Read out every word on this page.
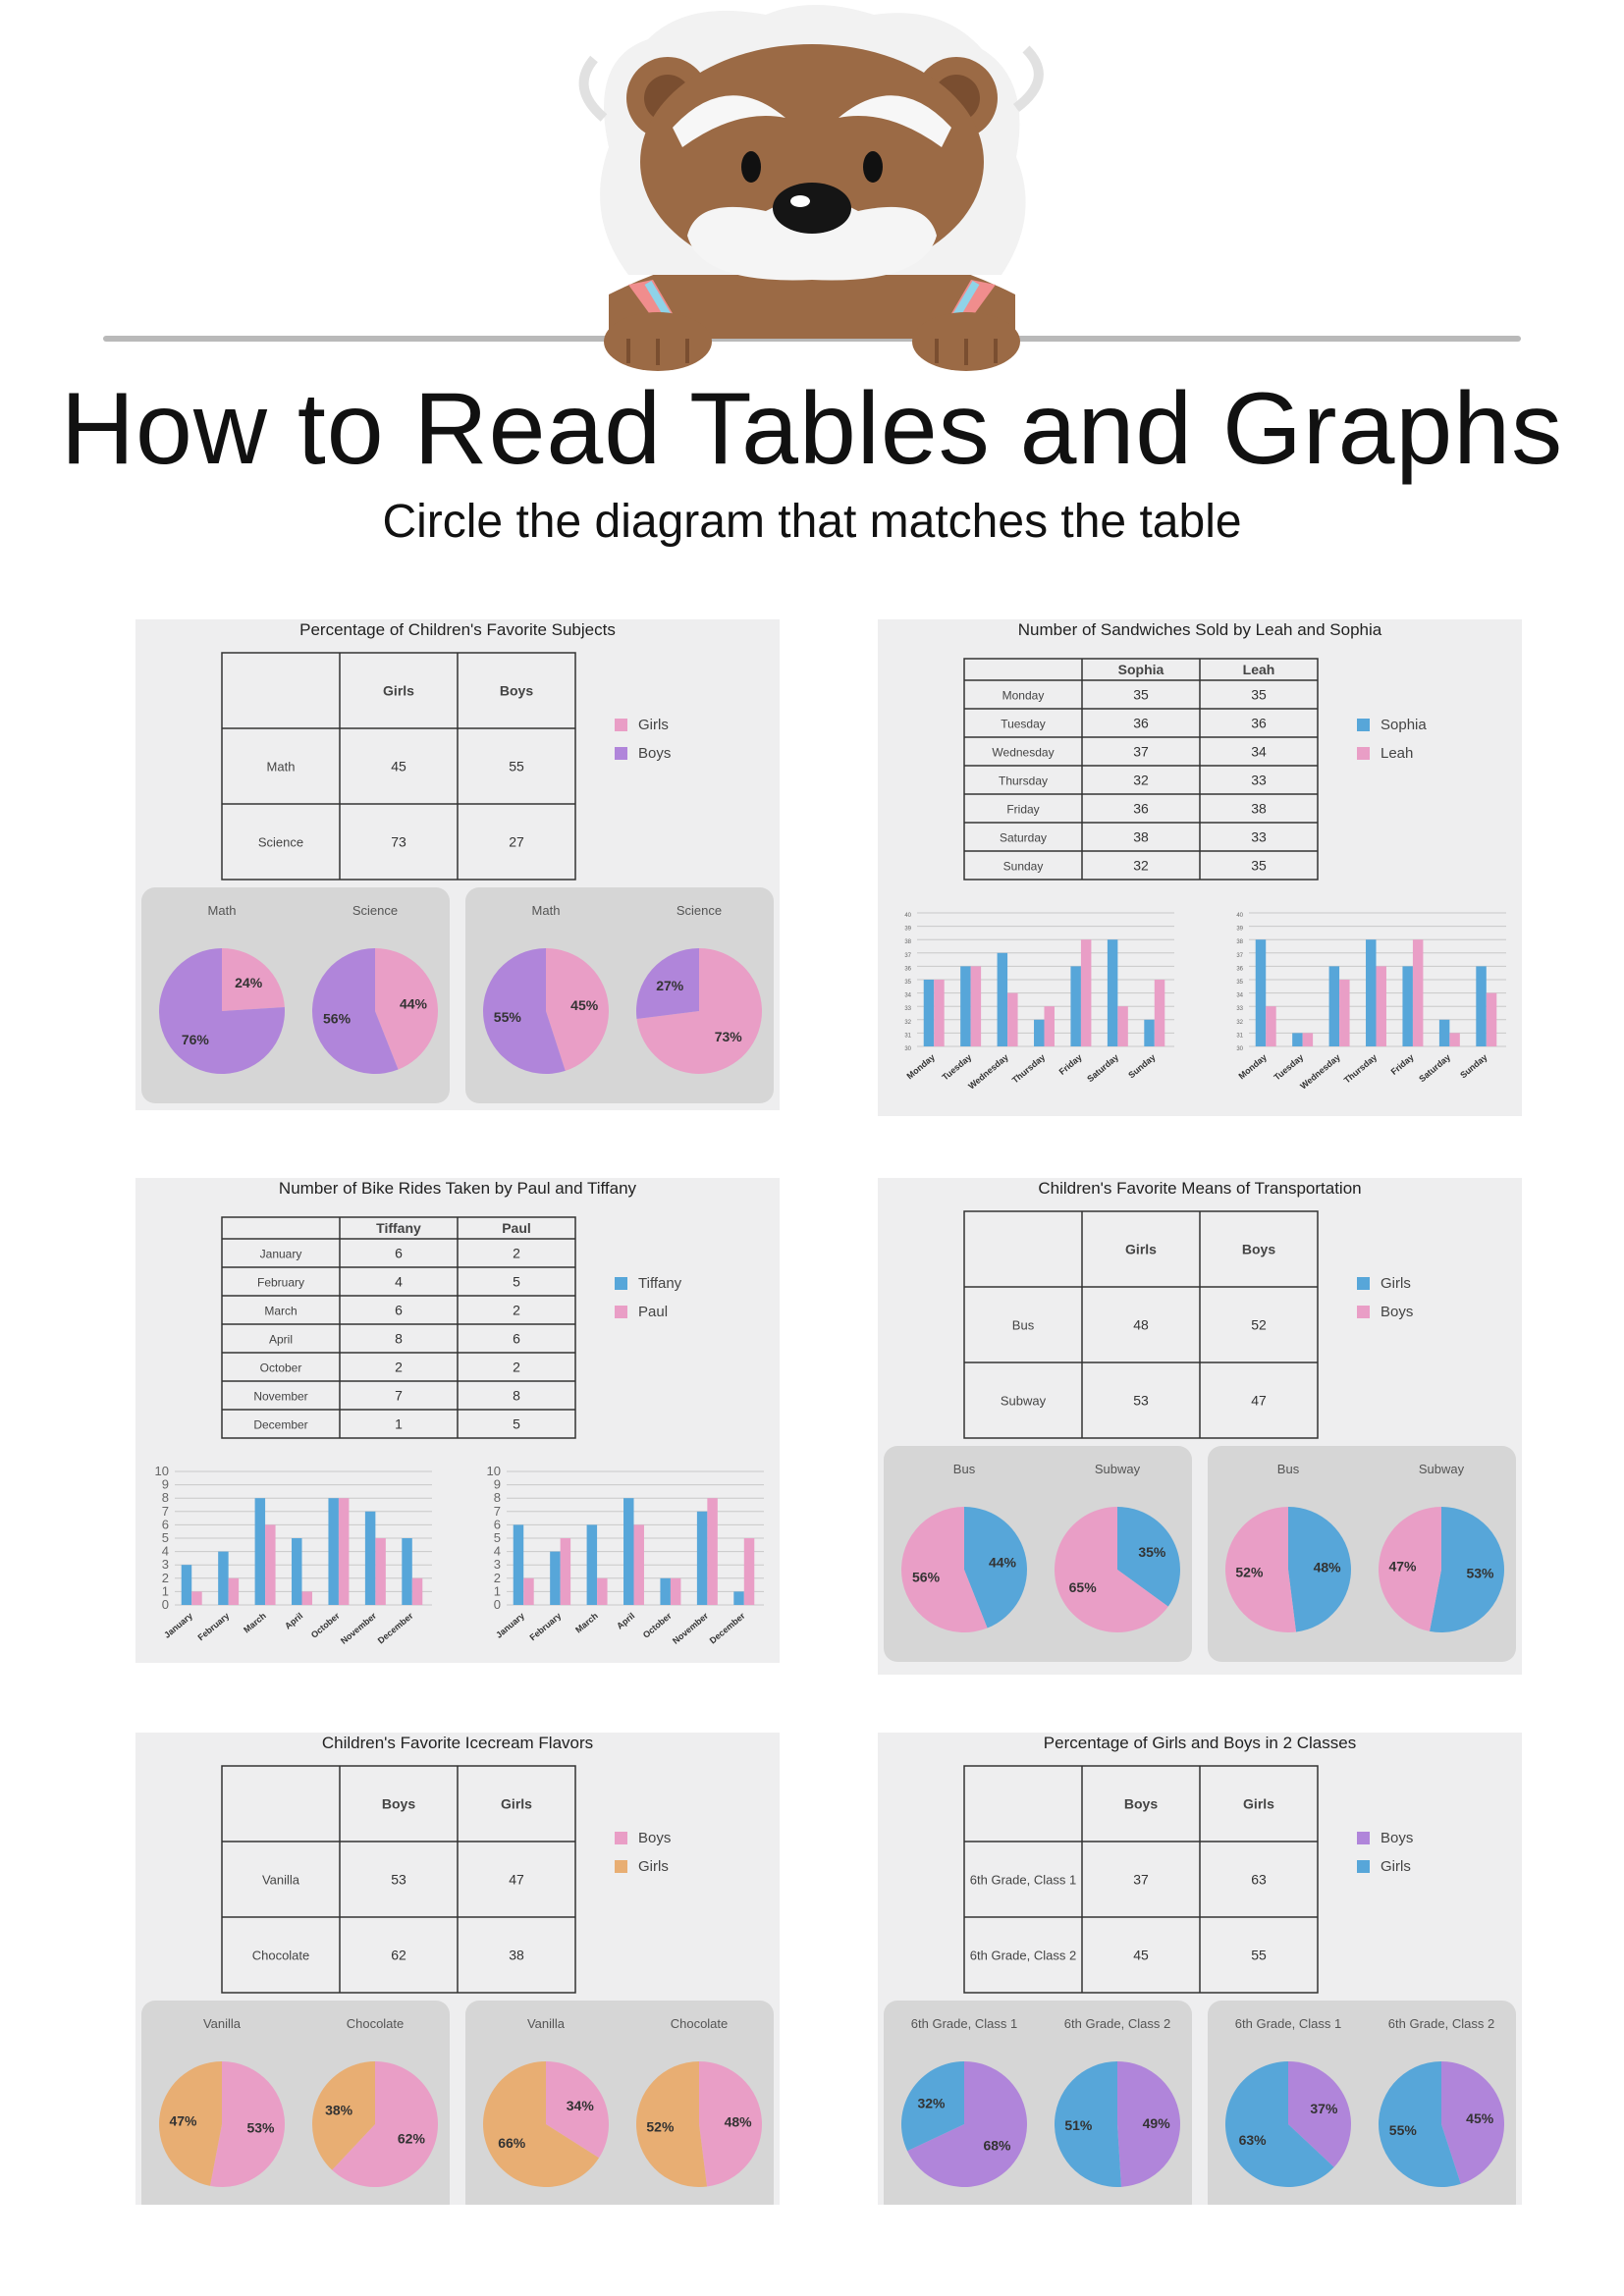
How to Read Tables and Graphs
Circle the diagram that matches the table
Percentage of Children's Favorite Subjects
Girls	Boys
Math	45	55
Science	73	27
Girls
Boys
Math
24%
76%
Science
44%
56%
Math
45%
55%
Science
73%
27%
Number of Sandwiches Sold by Leah and Sophia
Sophia	Leah
Monday	35	35
Tuesday	36	36
Wednesday	37	34
Thursday	32	33
Friday	36	38
Saturday	38	33
Sunday	32	35
Sophia
Leah
40
39
38
37
36
35
34
33
32
31
30
Monday Tuesday
Wednesday Thursday Friday Saturday Sunday
40
39
38
37
36
35
34
33
32
31
30
Monday Tuesday
Wednesday Thursday Friday Saturday Sunday
Number of Bike Rides Taken by Paul and Tiffany
Tiffany	Paul
January	6	2
February	4	5
March	6	2
April	8	6
October	2	2
November	7	8
December	1	5
Tiffany
Paul
10
9
8
7
6
5
4
3
2
1
0
January February March April October
November
December
10
9
8
7
6
5
4
3
2
1
0
January February March April October
November
December
Children's Favorite Means of Transportation
Girls	Boys
Bus	48	52
Subway	53	47
Girls
Boys
Bus
44%
56%
Subway
35%
65%
Bus
48%
52%
Subway
53%
47%
Children's Favorite Icecream Flavors
Boys	Girls
Vanilla	53	47
Chocolate	62	38
Boys
Girls
Vanilla
53%
47%
Chocolate
62%
38%
Vanilla
34%
66%
Chocolate
48%
52%
Percentage of Girls and Boys in 2 Classes
Boys	Girls
6th Grade, Class 1	37	63
6th Grade, Class 2	45	55
Boys
Girls
6th Grade, Class 1
68%
32%
6th Grade, Class 2
49%
51%
6th Grade, Class 1
37%
63%
6th Grade, Class 2
45%
55%
